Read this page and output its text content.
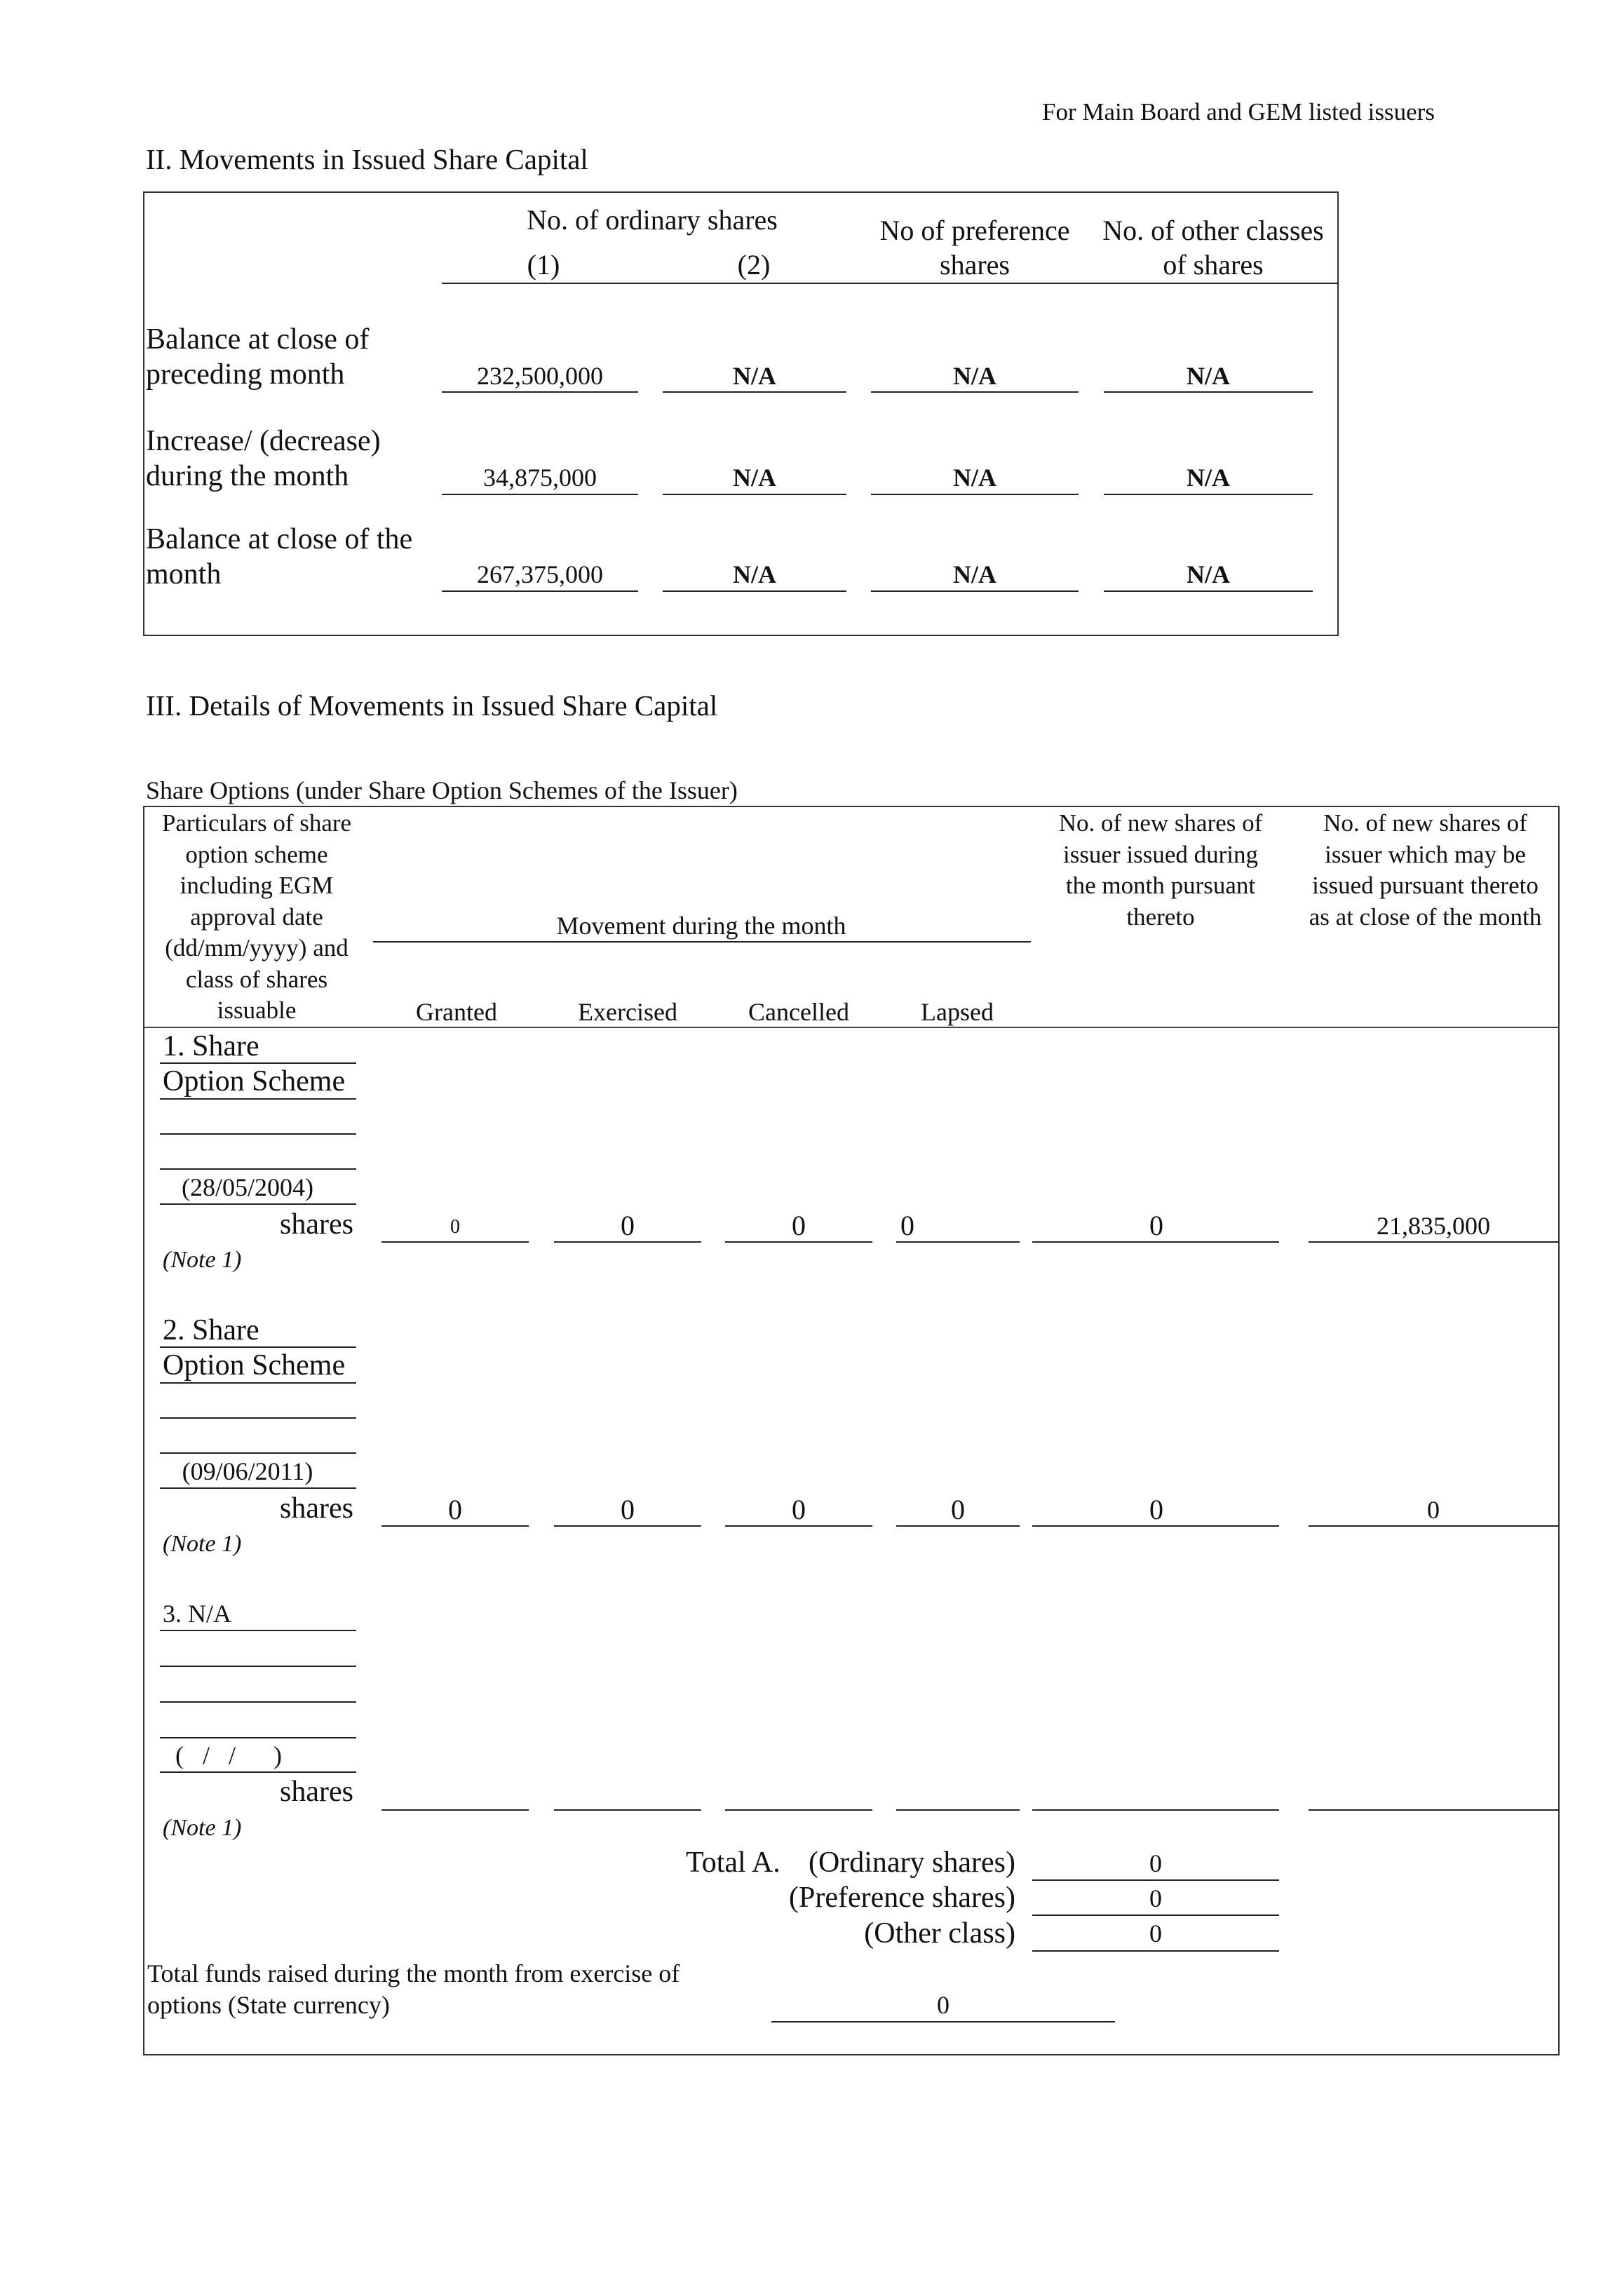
For Main Board and GEM listed issuers
II. Movements in Issued Share Capital
No. of ordinary shares
(1)	(2)
No of preference
shares
No. of other classes
of shares
Balance at close of
preceding month	232,500,000	N/A	N/A	N/A
Increase/ (decrease)
during the month	34,875,000	N/A	N/A	N/A
Balance at close of the
month	267,375,000	N/A	N/A	N/A
III. Details of Movements in Issued Share Capital
Share Options (under Share Option Schemes of the Issuer)
Particulars of share
option scheme
including EGM
approval date
(dd/mm/yyyy) and
class of shares
issuable
Movement during the month
Granted	Exercised	Cancelled	Lapsed
No. of new shares of
issuer issued during
the month pursuant
thereto
No. of new shares of
issuer which may be
issued pursuant thereto
as at close of the month
1. Share
Option Scheme
(28/05/2004)
shares
(Note 1)
0	0	0	0	0	21,835,000
2. Share
Option Scheme
(09/06/2011)
shares
(Note 1)
0	0	0	0	0	0
3. N/A
(   /   /      )
shares
(Note 1)
Total A. (Ordinary shares)	0
(Preference shares)	0
(Other class)	0
Total funds raised during the month from exercise of
options (State currency)	0
